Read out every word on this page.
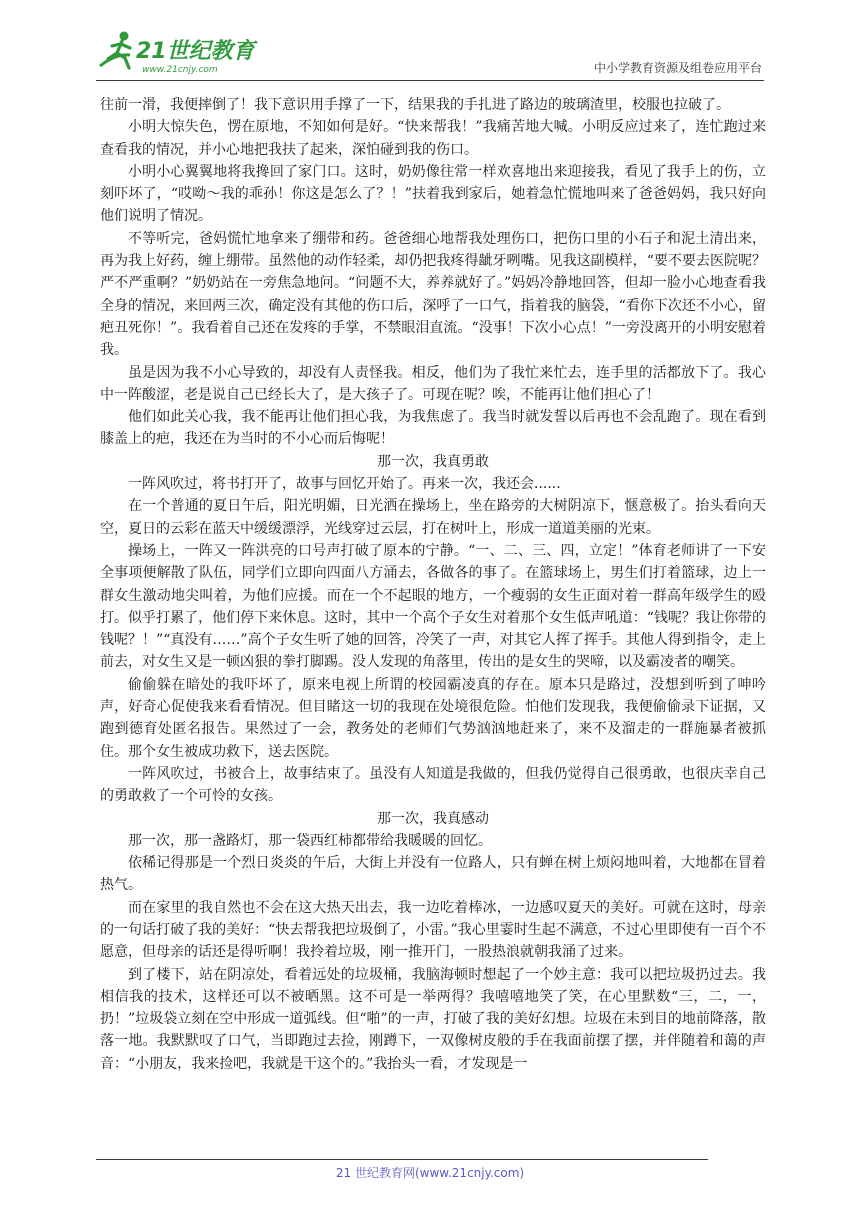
21世纪教育
www.21cnjy.com	中小学教育资源及组卷应用平台

往前一滑，我便摔倒了！我下意识用手撑了一下，结果我的手扎进了路边的玻璃渣里，校服也拉破了。

小明大惊失色，愣在原地，不知如何是好。“快来帮我！”我痛苦地大喊。小明反应过来了，连忙跑过来查看我的情况，并小心地把我扶了起来，深怕碰到我的伤口。

小明小心翼翼地将我搀回了家门口。这时，奶奶像往常一样欢喜地出来迎接我，看见了我手上的伤，立刻吓坏了，“哎呦～我的乖孙！你这是怎么了？！”扶着我到家后，她着急忙慌地叫来了爸爸妈妈，我只好向他们说明了情况。

不等听完，爸妈慌忙地拿来了绷带和药。爸爸细心地帮我处理伤口，把伤口里的小石子和泥土清出来，再为我上好药，缠上绷带。虽然他的动作轻柔，却仍把我疼得龇牙咧嘴。见我这副模样，“要不要去医院呢？严不严重啊？”奶奶站在一旁焦急地问。“问题不大，养养就好了。”妈妈冷静地回答，但却一脸小心地查看我全身的情况，来回两三次，确定没有其他的伤口后，深呼了一口气，指着我的脑袋，“看你下次还不小心，留疤丑死你！”。我看着自己还在发疼的手掌，不禁眼泪直流。“没事！下次小心点！”一旁没离开的小明安慰着我。

虽是因为我不小心导致的，却没有人责怪我。相反，他们为了我忙来忙去，连手里的活都放下了。我心中一阵酸涩，老是说自己已经长大了，是大孩子了。可现在呢？唉，不能再让他们担心了！

他们如此关心我，我不能再让他们担心我，为我焦虑了。我当时就发誓以后再也不会乱跑了。现在看到膝盖上的疤，我还在为当时的不小心而后悔呢！

那一次，我真勇敢

一阵风吹过，将书打开了，故事与回忆开始了。再来一次，我还会......

在一个普通的夏日午后，阳光明媚，日光洒在操场上，坐在路旁的大树阴凉下，惬意极了。抬头看向天空，夏日的云彩在蓝天中缓缓漂浮，光线穿过云层，打在树叶上，形成一道道美丽的光束。

操场上，一阵又一阵洪亮的口号声打破了原本的宁静。“一、二、三、四，立定！”体育老师讲了一下安全事项便解散了队伍，同学们立即向四面八方涌去，各做各的事了。在篮球场上，男生们打着篮球，边上一群女生激动地尖叫着，为他们应援。而在一个不起眼的地方，一个瘦弱的女生正面对着一群高年级学生的殴打。似乎打累了，他们停下来休息。这时，其中一个高个子女生对着那个女生低声吼道：“钱呢？我让你带的钱呢？！”“真没有……”高个子女生听了她的回答，冷笑了一声，对其它人挥了挥手。其他人得到指令，走上前去，对女生又是一顿凶狠的拳打脚踢。没人发现的角落里，传出的是女生的哭啼，以及霸凌者的嘲笑。

偷偷躲在暗处的我吓坏了，原来电视上所谓的校园霸凌真的存在。原本只是路过，没想到听到了呻吟声，好奇心促使我来看看情况。但目睹这一切的我现在处境很危险。怕他们发现我，我便偷偷录下证据，又跑到德育处匿名报告。果然过了一会，教务处的老师们气势汹汹地赶来了，来不及溜走的一群施暴者被抓住。那个女生被成功救下，送去医院。

一阵风吹过，书被合上，故事结束了。虽没有人知道是我做的，但我仍觉得自己很勇敢，也很庆幸自己的勇敢救了一个可怜的女孩。

那一次，我真感动

那一次，那一盏路灯，那一袋西红柿都带给我暖暖的回忆。

依稀记得那是一个烈日炎炎的午后，大街上并没有一位路人，只有蝉在树上烦闷地叫着，大地都在冒着热气。

而在家里的我自然也不会在这大热天出去，我一边吃着棒冰，一边感叹夏天的美好。可就在这时，母亲的一句话打破了我的美好：“快去帮我把垃圾倒了，小雷。”我心里霎时生起不满意，不过心里即使有一百个不愿意，但母亲的话还是得听啊！我拎着垃圾，刚一推开门，一股热浪就朝我涌了过来。

到了楼下，站在阴凉处，看着远处的垃圾桶，我脑海顿时想起了一个妙主意：我可以把垃圾扔过去。我相信我的技术，这样还可以不被晒黑。这不可是一举两得？我嘻嘻地笑了笑，在心里默数“三，二，一，扔！”垃圾袋立刻在空中形成一道弧线。但“啪”的一声，打破了我的美好幻想。垃圾在未到目的地前降落，散落一地。我默默叹了口气，当即跑过去捡，刚蹲下，一双像树皮般的手在我面前摆了摆，并伴随着和蔼的声音：“小朋友，我来捡吧，我就是干这个的。”我抬头一看，才发现是一

21 世纪教育网(www.21cnjy.com)
